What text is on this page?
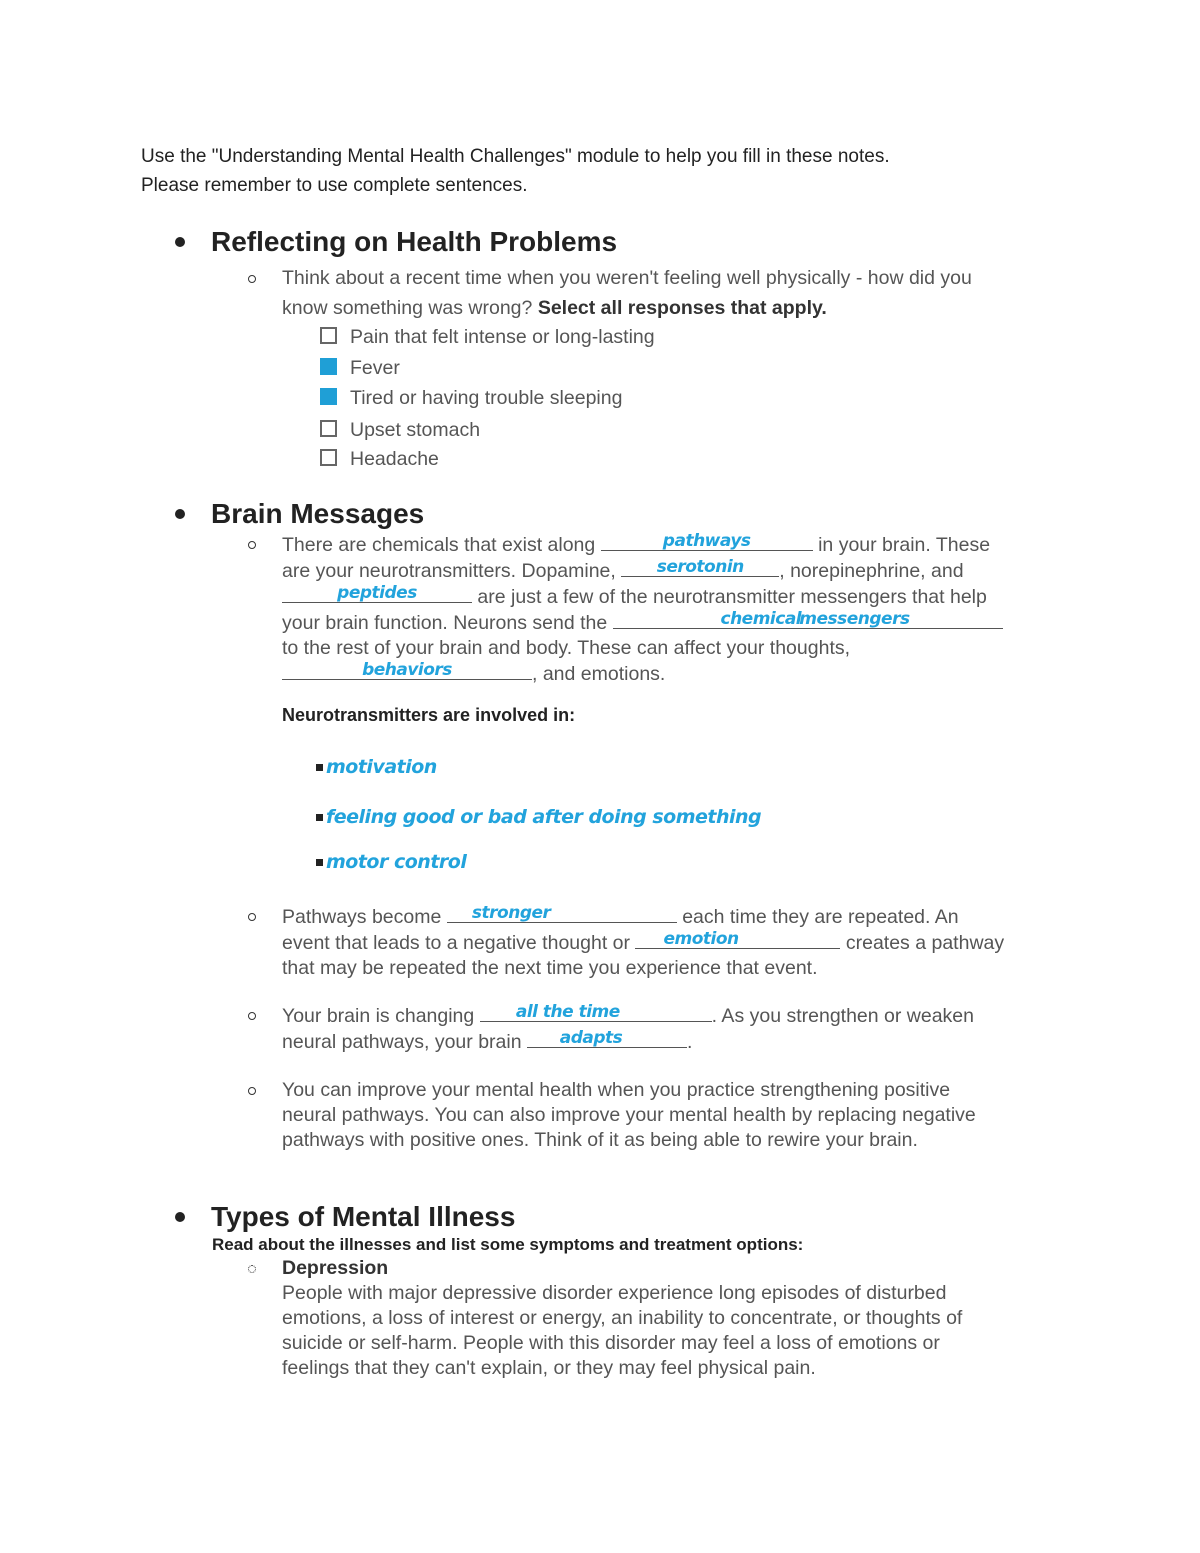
Use the "Understanding Mental Health Challenges" module to help you fill in these notes.
Please remember to use complete sentences.
Reflecting on Health Problems
Think about a recent time when you weren't feeling well physically - how did you
know something was wrong? Select all responses that apply.
Pain that felt intense or long-lasting
Fever
Tired or having trouble sleeping
Upset stomach
Headache
Brain Messages
There are chemicals that exist along	pathways	in your brain. These
are your neurotransmitters. Dopamine, serotonin , norepinephrine, and
peptides	are just a few of the neurotransmitter messengers that help
your brain function. Neurons send the	chemical
messengers
to the rest of your brain and body. These can affect your thoughts,
behaviors	, and emotions.
Neurotransmitters are involved in:
motivation
feeling good or bad after doing something
motor control
Pathways become stronger	each time they are repeated. An
event that leads to a negative thought or emotion	creates a pathway
that may be repeated the next time you experience that event.
Your brain is changing all the time	. As you strengthen or weaken
neural pathways, your brain adapts	.
You can improve your mental health when you practice strengthening positive
neural pathways. You can also improve your mental health by replacing negative
pathways with positive ones. Think of it as being able to rewire your brain.
Types of Mental Illness
Read about the illnesses and list some symptoms and treatment options:
Depression
People with major depressive disorder experience long episodes of disturbed
emotions, a loss of interest or energy, an inability to concentrate, or thoughts of
suicide or self-harm. People with this disorder may feel a loss of emotions or
feelings that they can't explain, or they may feel physical pain.
